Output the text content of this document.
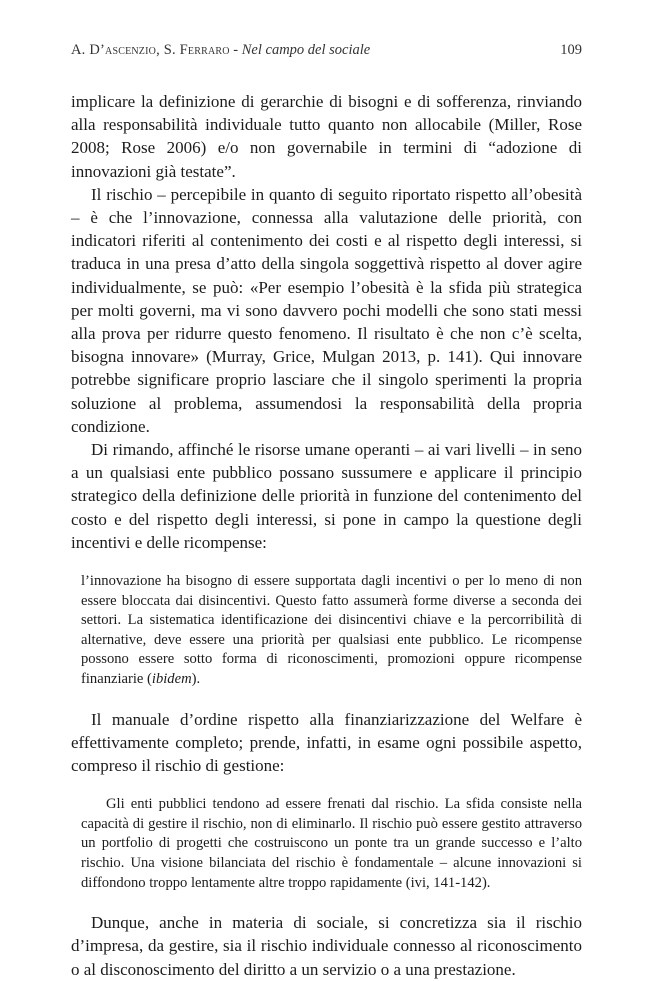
A. D’ascenzio, S. Ferraro - Nel campo del sociale	109

implicare la definizione di gerarchie di bisogni e di sofferenza, rinviando alla responsabilità individuale tutto quanto non allocabile (Miller, Rose 2008; Rose 2006) e/o non governabile in termini di “adozione di innovazioni già testate”.

Il rischio – percepibile in quanto di seguito riportato rispetto all’obesità – è che l’innovazione, connessa alla valutazione delle priorità, con indicatori riferiti al contenimento dei costi e al rispetto degli interessi, si traduca in una presa d’atto della singola soggettivà rispetto al dover agire individualmente, se può: «Per esempio l’obesità è la sfida più strategica per molti governi, ma vi sono davvero pochi modelli che sono stati messi alla prova per ridurre questo fenomeno. Il risultato è che non c’è scelta, bisogna innovare» (Murray, Grice, Mulgan 2013, p. 141). Qui innovare potrebbe significare proprio lasciare che il singolo sperimenti la propria soluzione al problema, assumendosi la responsabilità della propria condizione.

Di rimando, affinché le risorse umane operanti – ai vari livelli – in seno a un qualsiasi ente pubblico possano sussumere e applicare il principio strategico della definizione delle priorità in funzione del contenimento del costo e del rispetto degli interessi, si pone in campo la questione degli incentivi e delle ricompense:

l’innovazione ha bisogno di essere supportata dagli incentivi o per lo meno di non essere bloccata dai disincentivi. Questo fatto assumerà forme diverse a seconda dei settori. La sistematica identificazione dei disincentivi chiave e la percorribilità di alternative, deve essere una priorità per qualsiasi ente pubblico. Le ricompense possono essere sotto forma di riconoscimenti, promozioni oppure ricompense finanziarie (ibidem).

Il manuale d’ordine rispetto alla finanziarizzazione del Welfare è effettivamente completo; prende, infatti, in esame ogni possibile aspetto, compreso il rischio di gestione:

Gli enti pubblici tendono ad essere frenati dal rischio. La sfida consiste nella capacità di gestire il rischio, non di eliminarlo. Il rischio può essere gestito attraverso un portfolio di progetti che costruiscono un ponte tra un grande successo e l’alto rischio. Una visione bilanciata del rischio è fondamentale – alcune innovazioni si diffondono troppo lentamente altre troppo rapidamente (ivi, 141-142).

Dunque, anche in materia di sociale, si concretizza sia il rischio d’impresa, da gestire, sia il rischio individuale connesso al riconoscimento o al disconoscimento del diritto a un servizio o a una prestazione.
